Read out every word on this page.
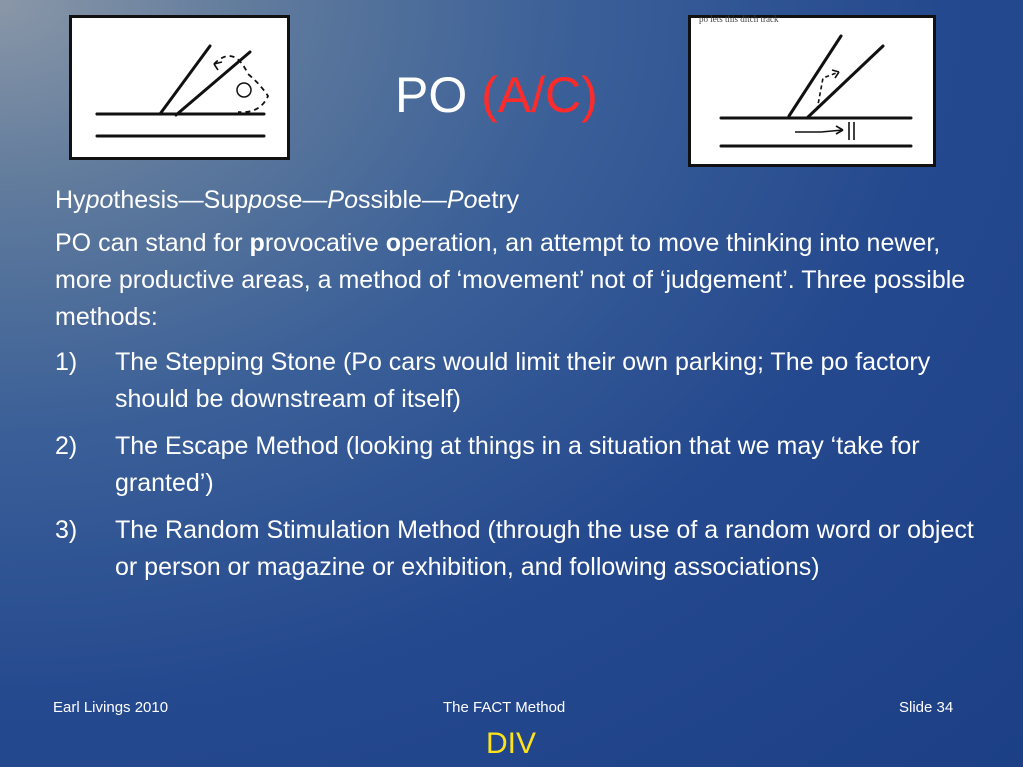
po lets this ditch track
PO (A/C)

Hypothesis—Suppose—Possible—Poetry

PO can stand for provocative operation, an attempt to move thinking into newer, more productive areas, a method of ‘movement’ not of ‘judgement’. Three possible methods:

1) The Stepping Stone (Po cars would limit their own parking; The po factory should be downstream of itself)
2) The Escape Method (looking at things in a situation that we may ‘take for granted’)
3) The Random Stimulation Method (through the use of a random word or object or person or magazine or exhibition, and following associations)
Earl Livings 2010	The FACT Method	Slide 34
DIV
